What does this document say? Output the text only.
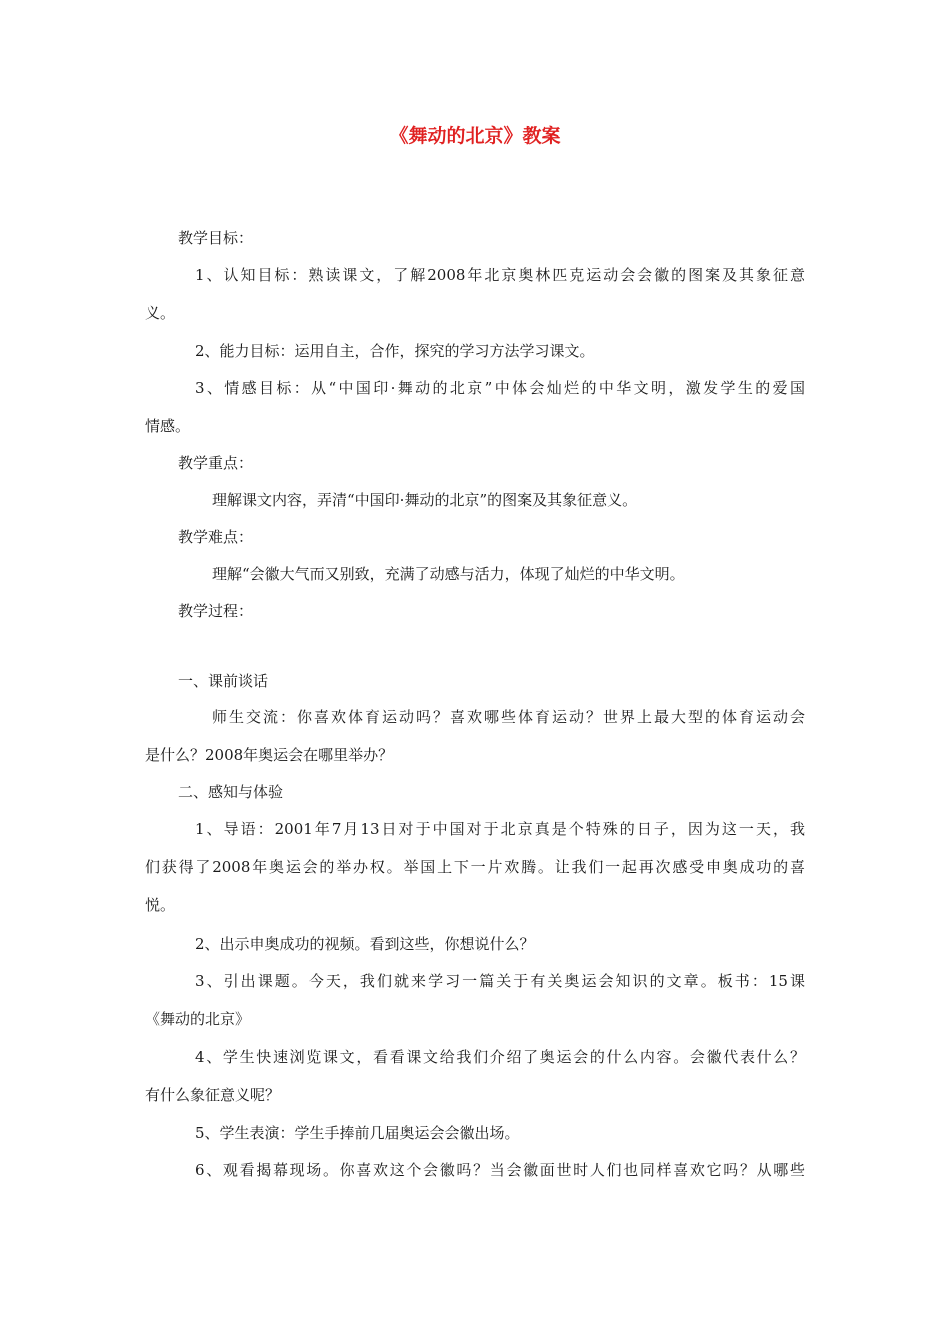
《舞动的北京》教案
教学目标：
1、认知目标：熟读课文，了解2008年北京奥林匹克运动会会徽的图案及其象征意
义。
2、能力目标：运用自主，合作，探究的学习方法学习课文。
3、情感目标：从“中国印·舞动的北京”中体会灿烂的中华文明，激发学生的爱国
情感。
教学重点：
理解课文内容，弄清“中国印·舞动的北京”的图案及其象征意义。
教学难点：
理解“会徽大气而又别致，充满了动感与活力，体现了灿烂的中华文明。
教学过程：
一、课前谈话
师生交流：你喜欢体育运动吗？喜欢哪些体育运动？世界上最大型的体育运动会
是什么？2008年奥运会在哪里举办？
二、感知与体验
1、导语：2001年7月13日对于中国对于北京真是个特殊的日子，因为这一天，我
们获得了2008年奥运会的举办权。举国上下一片欢腾。让我们一起再次感受申奥成功的喜
悦。
2、出示申奥成功的视频。看到这些，你想说什么？
3、引出课题。今天，我们就来学习一篇关于有关奥运会知识的文章。板书：15课
《舞动的北京》
4、学生快速浏览课文，看看课文给我们介绍了奥运会的什么内容。会徽代表什么？
有什么象征意义呢？
5、学生表演：学生手捧前几届奥运会会徽出场。
6、观看揭幕现场。你喜欢这个会徽吗？当会徽面世时人们也同样喜欢它吗？从哪些
